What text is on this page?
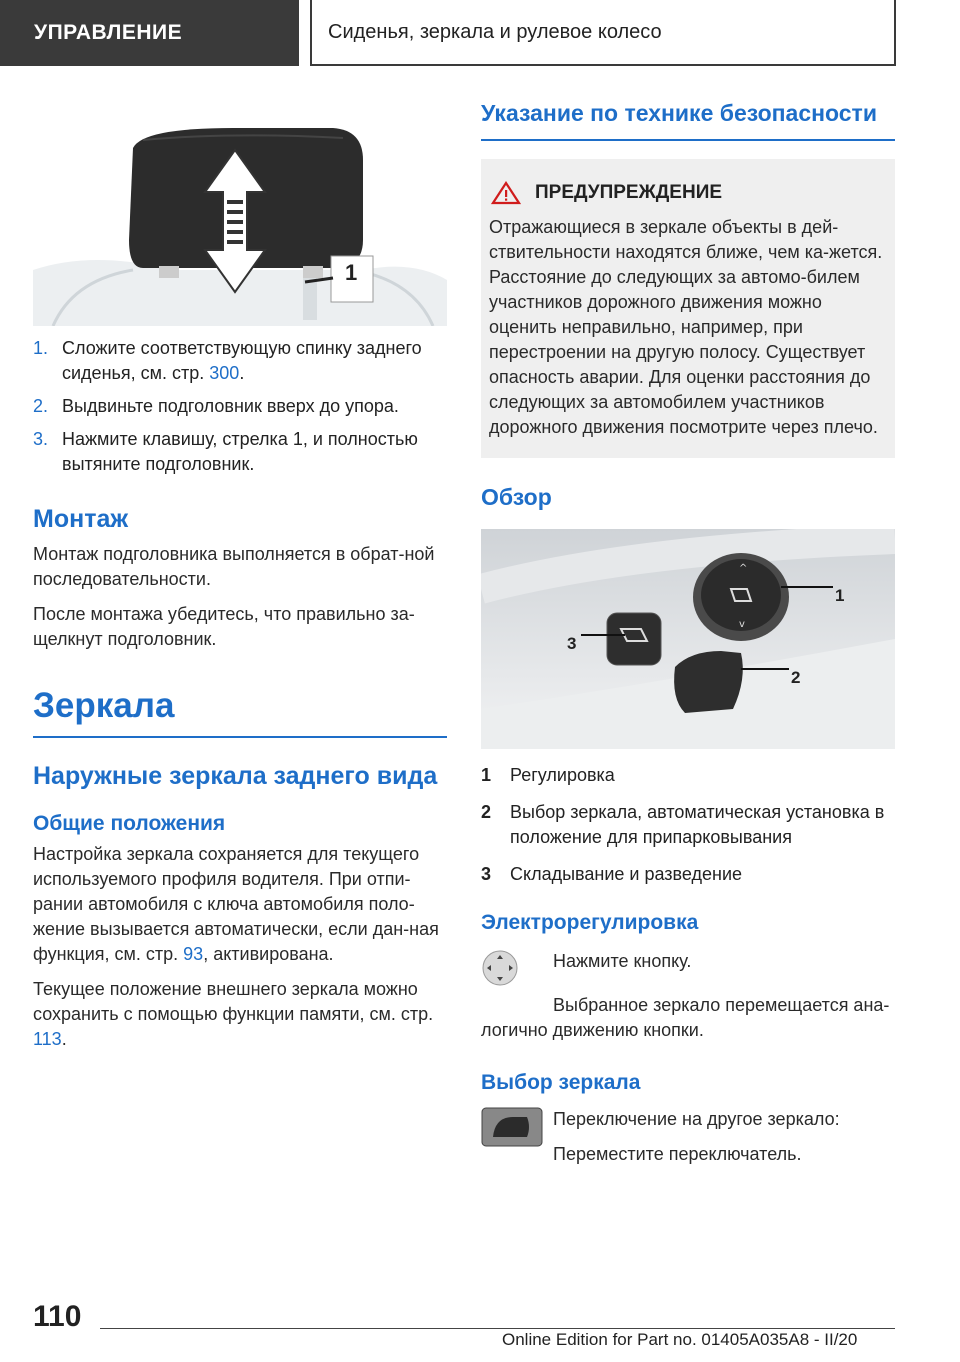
УПРАВЛЕНИЕ	Сиденья, зеркала и рулевое колесо
1
1. Сложите соответствующую спинку заднего сиденья, см. стр. 300.
2. Выдвиньте подголовник вверх до упора.
3. Нажмите клавишу, стрелка 1, и полностью вытяните подголовник.
Монтаж

Монтаж подголовника выполняется в обрат-ной последовательности.

После монтажа убедитесь, что правильно за-щелкнут подголовник.

Зеркала
Наружные зеркала заднего вида
Общие положения

Настройка зеркала сохраняется для текущего используемого профиля водителя. При отпи-рании автомобиля с ключа автомобиля поло-жение вызывается автоматически, если дан-ная функция, см. стр. 93, активирована.

Текущее положение внешнего зеркала можно сохранить с помощью функции памяти, см. стр. 113.

Указание по технике безопасности
ПРЕДУПРЕЖДЕНИЕ

Отражающиеся в зеркале объекты в дей-ствительности находятся ближе, чем ка-жется. Расстояние до следующих за автомо-билем участников дорожного движения можно оценить неправильно, например, при перестроении на другую полосу. Существует опасность аварии. Для оценки расстояния до следующих за автомобилем участников дорожного движения посмотрите через плечо.

Обзор
^
v
1
2
3
1	Регулировка
2	Выбор зеркала, автоматическая установка в положение для припарковывания
3	Складывание и разведение
Электрорегулировка

Нажмите кнопку.

Выбранное зеркало перемещается ана-логично движению кнопки.

Выбор зеркала

Переключение на другое зеркало:

Переместите переключатель.

110
Online Edition for Part no. 01405A035A8 - II/20
